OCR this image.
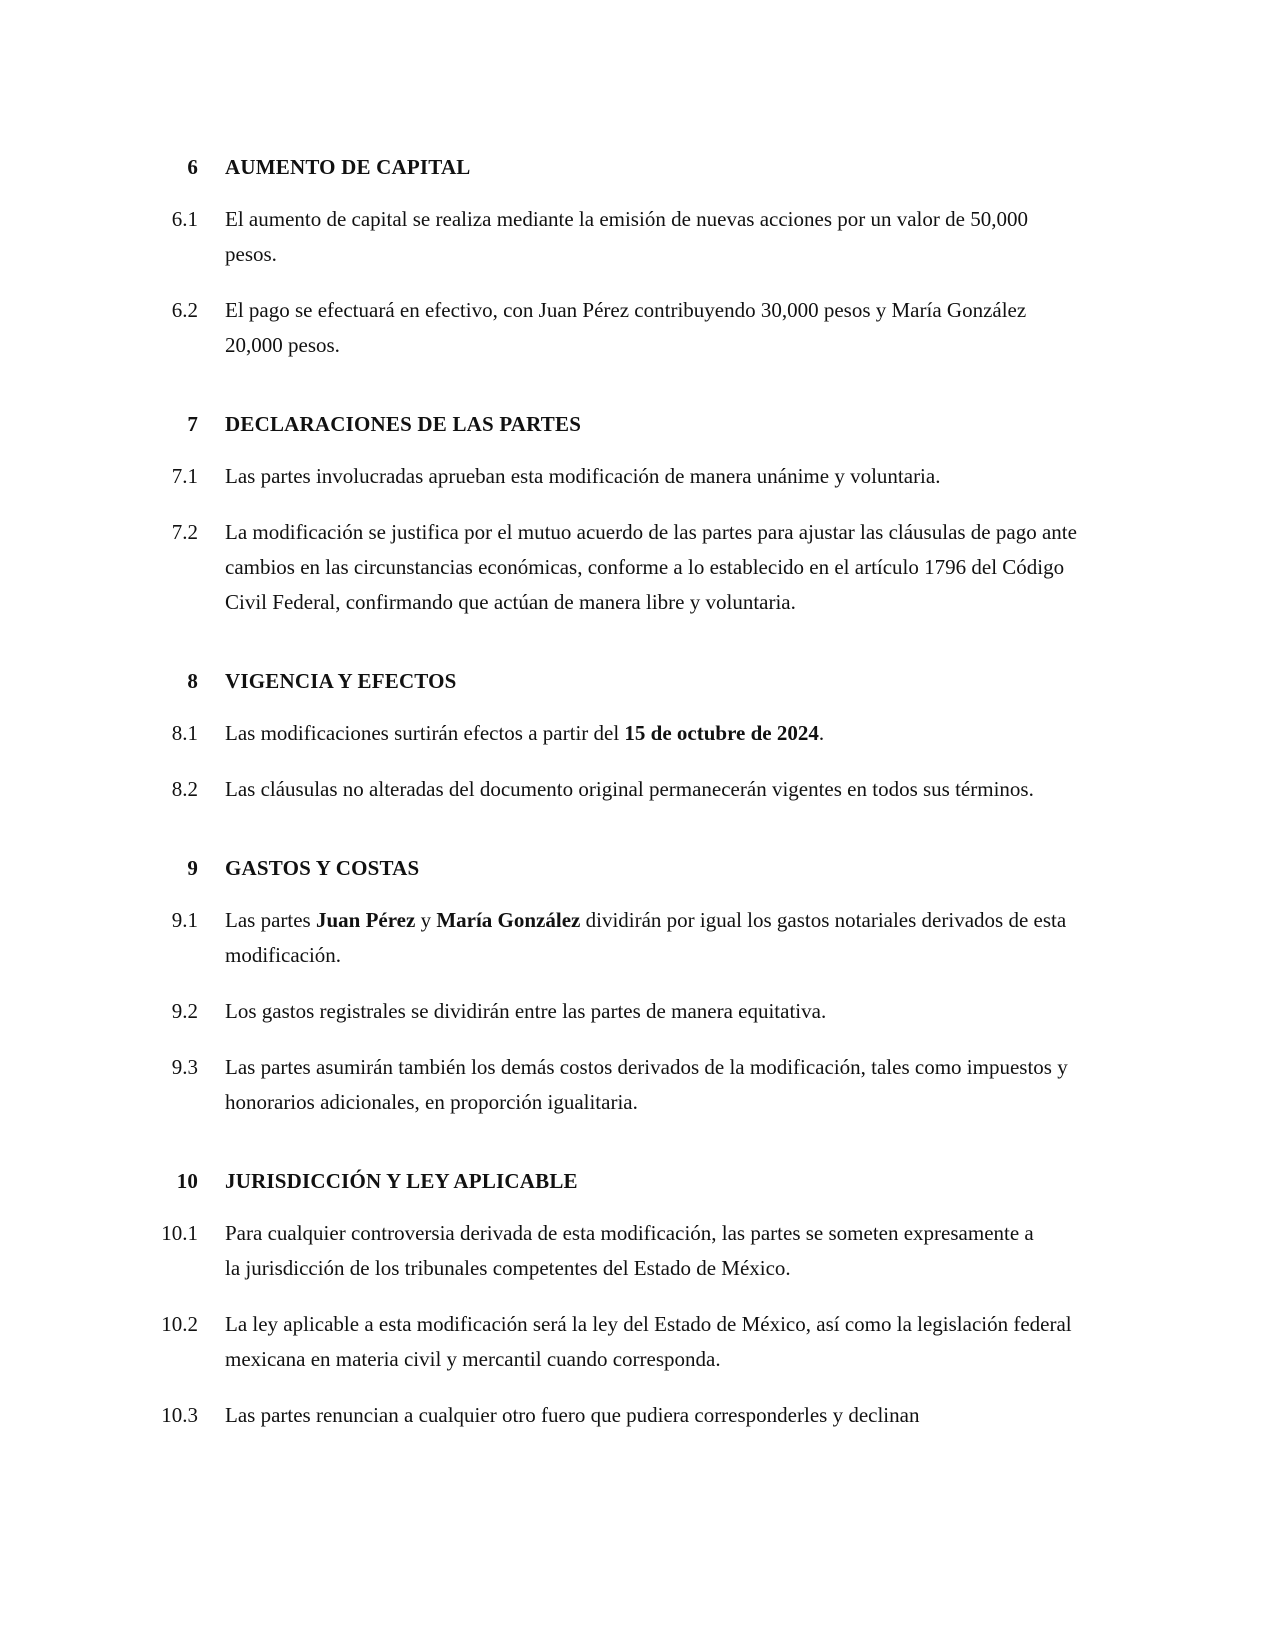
6 AUMENTO DE CAPITAL
6.1 El aumento de capital se realiza mediante la emisión de nuevas acciones por un valor de 50,000 pesos.
6.2 El pago se efectuará en efectivo, con Juan Pérez contribuyendo 30,000 pesos y María González 20,000 pesos.
7 DECLARACIONES DE LAS PARTES
7.1 Las partes involucradas aprueban esta modificación de manera unánime y voluntaria.
7.2 La modificación se justifica por el mutuo acuerdo de las partes para ajustar las cláusulas de pago ante cambios en las circunstancias económicas, conforme a lo establecido en el artículo 1796 del Código Civil Federal, confirmando que actúan de manera libre y voluntaria.
8 VIGENCIA Y EFECTOS
8.1 Las modificaciones surtirán efectos a partir del 15 de octubre de 2024.
8.2 Las cláusulas no alteradas del documento original permanecerán vigentes en todos sus términos.
9 GASTOS Y COSTAS
9.1 Las partes Juan Pérez y María González dividirán por igual los gastos notariales derivados de esta modificación.
9.2 Los gastos registrales se dividirán entre las partes de manera equitativa.
9.3 Las partes asumirán también los demás costos derivados de la modificación, tales como impuestos y honorarios adicionales, en proporción igualitaria.
10 JURISDICCIÓN Y LEY APLICABLE
10.1 Para cualquier controversia derivada de esta modificación, las partes se someten expresamente a la jurisdicción de los tribunales competentes del Estado de México.
10.2 La ley aplicable a esta modificación será la ley del Estado de México, así como la legislación federal mexicana en materia civil y mercantil cuando corresponda.
10.3 Las partes renuncian a cualquier otro fuero que pudiera corresponderles y declinan
